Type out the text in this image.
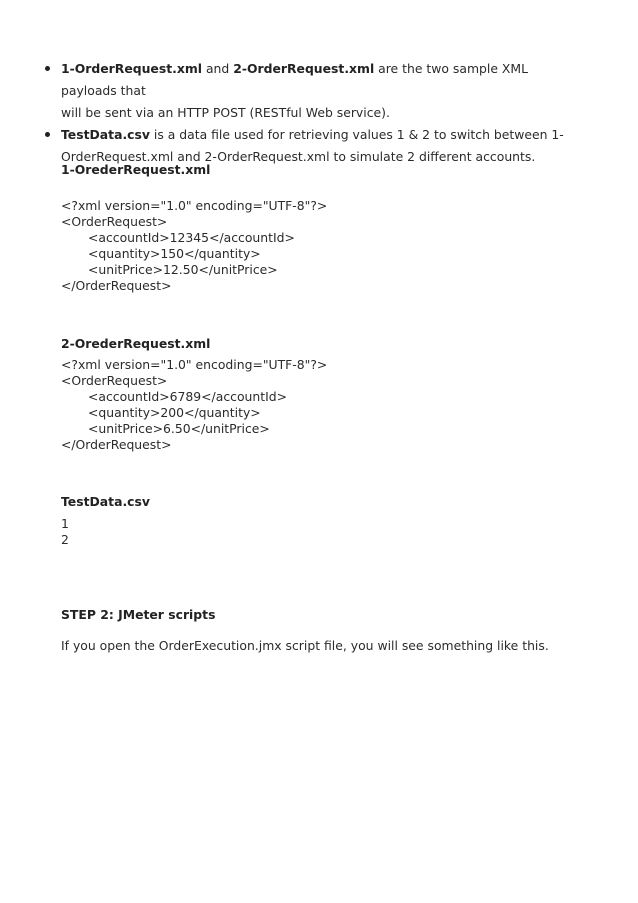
1-OrderRequest.xml and 2-OrderRequest.xml are the two sample XML payloads that
will be sent via an HTTP POST (RESTful Web service).
TestData.csv is a data file used for retrieving values 1 & 2 to switch between 1-
OrderRequest.xml and 2-OrderRequest.xml to simulate 2 different accounts.

1-OrederRequest.xml

<?xml version="1.0" encoding="UTF-8"?>
<OrderRequest>
<accountId>12345</accountId>
<quantity>150</quantity>
<unitPrice>12.50</unitPrice>
</OrderRequest>

2-OrederRequest.xml

<?xml version="1.0" encoding="UTF-8"?>
<OrderRequest>
<accountId>6789</accountId>
<quantity>200</quantity>
<unitPrice>6.50</unitPrice>
</OrderRequest>

TestData.csv

1
2

STEP 2: JMeter scripts

If you open the OrderExecution.jmx script file, you will see something like this.
